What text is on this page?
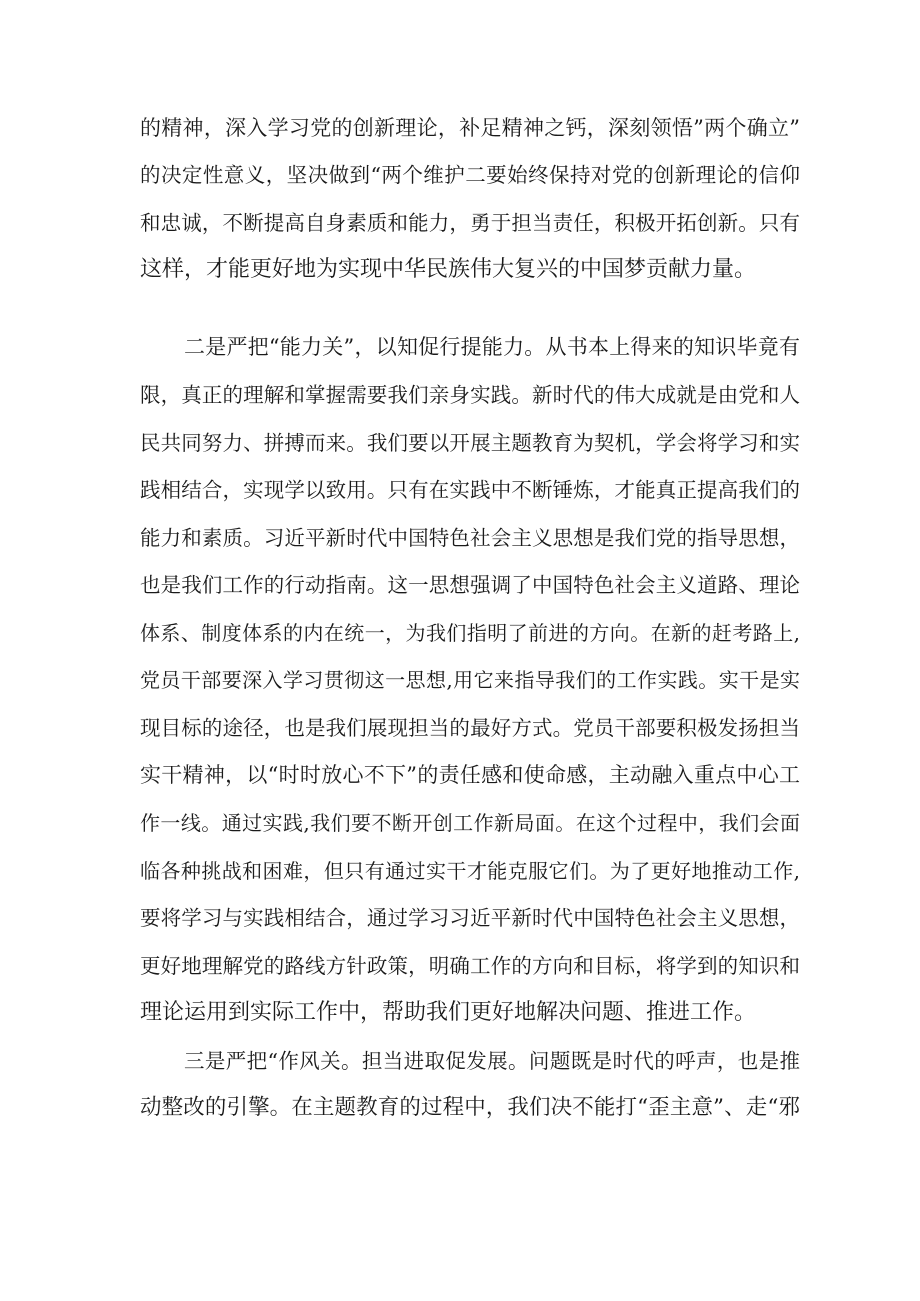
的精神，深入学习党的创新理论，补足精神之钙，深刻领悟”两个确立”
的决定性意义，坚决做到“两个维护二要始终保持对党的创新理论的信仰
和忠诚，不断提高自身素质和能力，勇于担当责任，积极开拓创新。只有
这样，才能更好地为实现中华民族伟大复兴的中国梦贡献力量。
二是严把“能力关”，以知促行提能力。从书本上得来的知识毕竟有
限，真正的理解和掌握需要我们亲身实践。新时代的伟大成就是由党和人
民共同努力、拼搏而来。我们要以开展主题教育为契机，学会将学习和实
践相结合，实现学以致用。只有在实践中不断锤炼，才能真正提高我们的
能力和素质。习近平新时代中国特色社会主义思想是我们党的指导思想，
也是我们工作的行动指南。这一思想强调了中国特色社会主义道路、理论
体系、制度体系的内在统一，为我们指明了前进的方向。在新的赶考路上,
党员干部要深入学习贯彻这一思想,用它来指导我们的工作实践。实干是实
现目标的途径，也是我们展现担当的最好方式。党员干部要积极发扬担当
实干精神，以“时时放心不下”的责任感和使命感，主动融入重点中心工
作一线。通过实践,我们要不断开创工作新局面。在这个过程中，我们会面
临各种挑战和困难，但只有通过实干才能克服它们。为了更好地推动工作,
要将学习与实践相结合，通过学习习近平新时代中国特色社会主义思想，
更好地理解党的路线方针政策，明确工作的方向和目标，将学到的知识和
理论运用到实际工作中，帮助我们更好地解决问题、推进工作。
三是严把“作风关。担当进取促发展。问题既是时代的呼声，也是推
动整改的引擎。在主题教育的过程中，我们决不能打“歪主意”、走“邪
